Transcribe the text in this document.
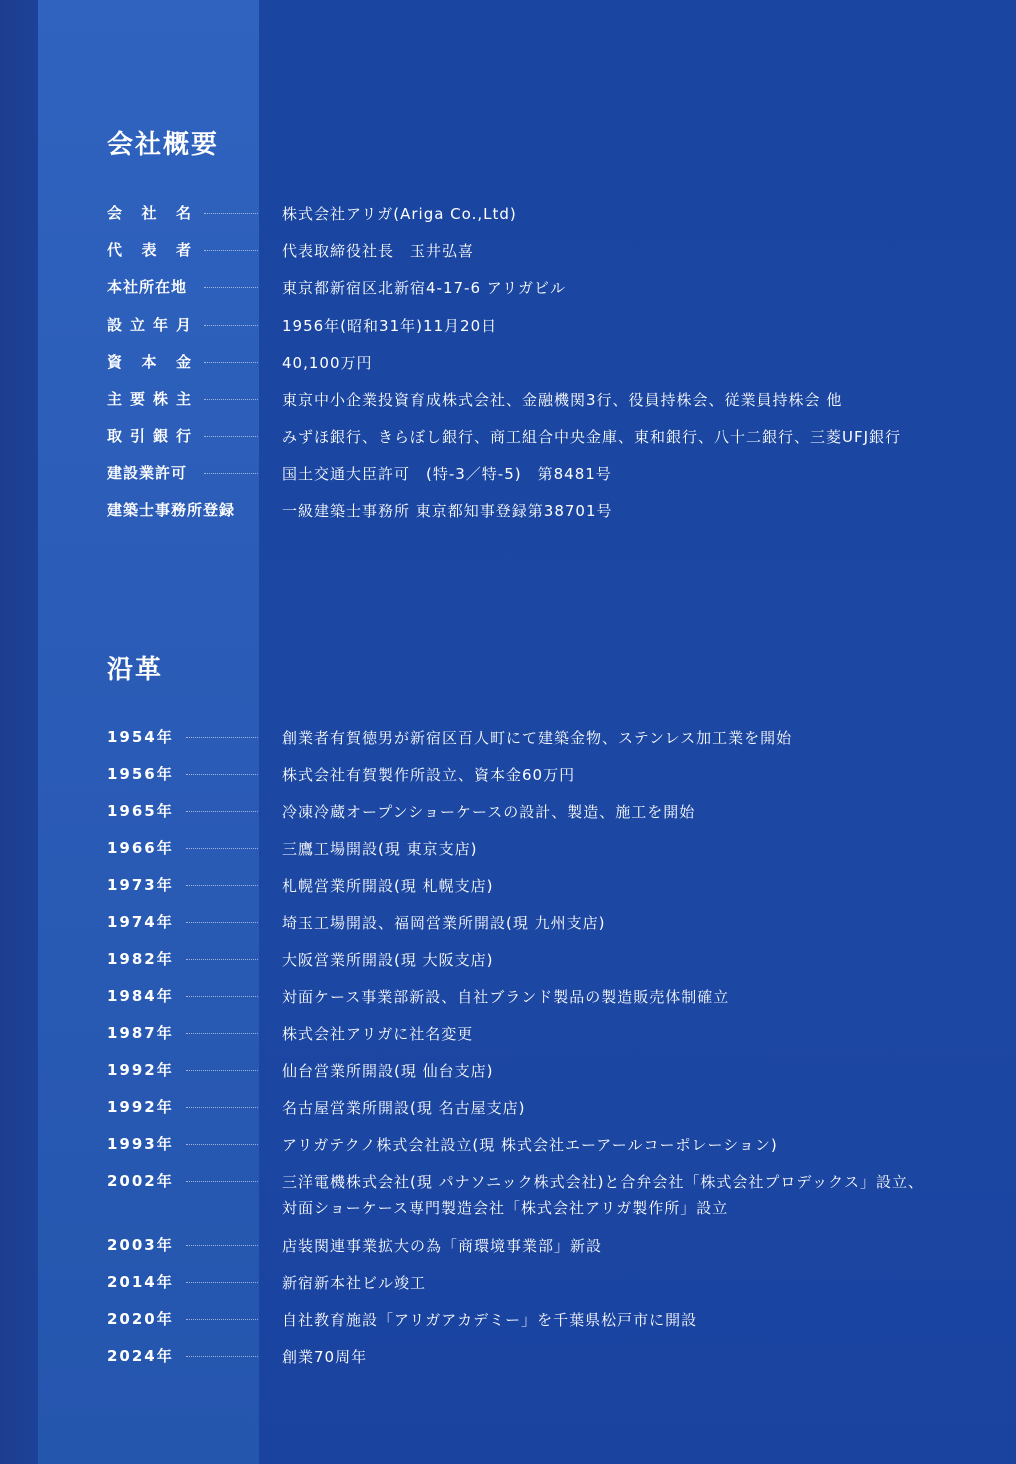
会社概要
会社名	株式会社アリガ(Ariga Co.,Ltd)
代表者	代表取締役社長　玉井弘喜
本社所在地	東京都新宿区北新宿4-17-6 アリガビル
設立年月	1956年(昭和31年)11月20日
資本金	40,100万円
主要株主	東京中小企業投資育成株式会社、金融機関3行、役員持株会、従業員持株会 他
取引銀行	みずほ銀行、きらぼし銀行、商工組合中央金庫、東和銀行、八十二銀行、三菱UFJ銀行
建設業許可	国土交通大臣許可　(特-3／特-5)　第8481号
建築士事務所登録	一級建築士事務所 東京都知事登録第38701号
沿革
1954年	創業者有賀徳男が新宿区百人町にて建築金物、ステンレス加工業を開始
1956年	株式会社有賀製作所設立、資本金60万円
1965年	冷凍冷蔵オープンショーケースの設計、製造、施工を開始
1966年	三鷹工場開設(現 東京支店)
1973年	札幌営業所開設(現 札幌支店)
1974年	埼玉工場開設、福岡営業所開設(現 九州支店)
1982年	大阪営業所開設(現 大阪支店)
1984年	対面ケース事業部新設、自社ブランド製品の製造販売体制確立
1987年	株式会社アリガに社名変更
1992年	仙台営業所開設(現 仙台支店)
1992年	名古屋営業所開設(現 名古屋支店)
1993年	アリガテクノ株式会社設立(現 株式会社エーアールコーポレーション)
2002年	三洋電機株式会社(現 パナソニック株式会社)と合弁会社「株式会社プロデックス」設立、
対面ショーケース専門製造会社「株式会社アリガ製作所」設立
2003年	店装関連事業拡大の為「商環境事業部」新設
2014年	新宿新本社ビル竣工
2020年	自社教育施設「アリガアカデミー」を千葉県松戸市に開設
2024年	創業70周年
